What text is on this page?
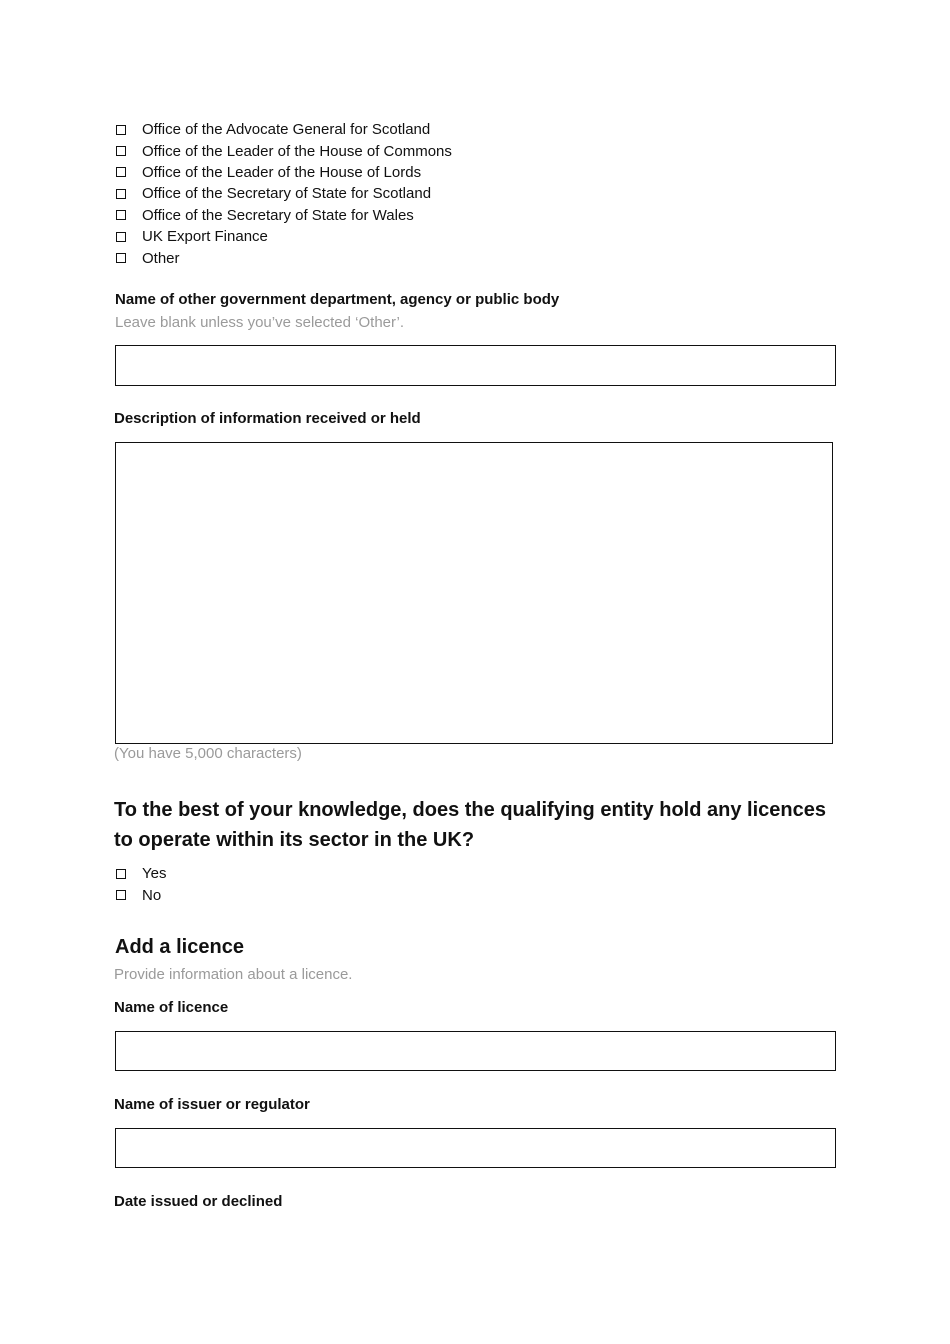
Office of the Advocate General for Scotland
Office of the Leader of the House of Commons
Office of the Leader of the House of Lords
Office of the Secretary of State for Scotland
Office of the Secretary of State for Wales
UK Export Finance
Other
Name of other government department, agency or public body
Leave blank unless you’ve selected ‘Other’.
Description of information received or held
(You have 5,000 characters)
To the best of your knowledge, does the qualifying entity hold any licences to operate within its sector in the UK?
Yes
No
Add a licence
Provide information about a licence.
Name of licence
Name of issuer or regulator
Date issued or declined
